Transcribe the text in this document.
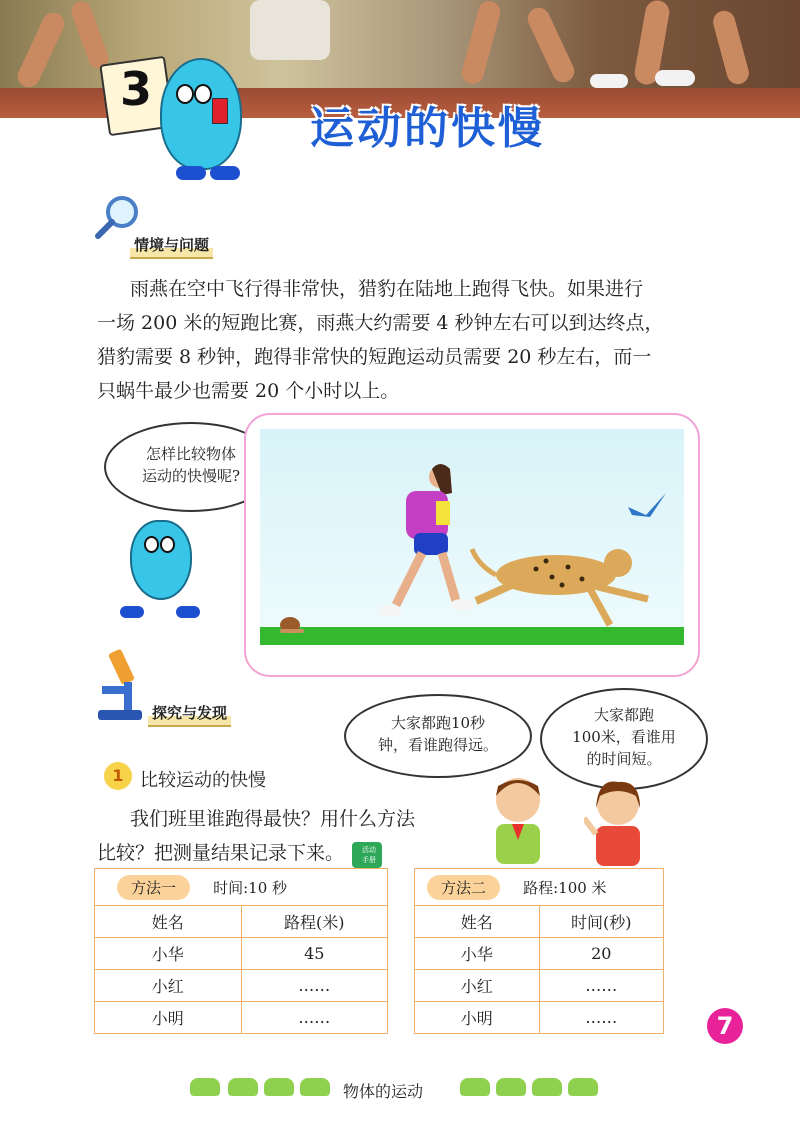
3
运动的快慢
情境与问题
雨燕在空中飞行得非常快，猎豹在陆地上跑得飞快。如果进行
一场 200 米的短跑比赛，雨燕大约需要 4 秒钟左右可以到达终点，
猎豹需要 8 秒钟，跑得非常快的短跑运动员需要 20 秒左右，而一
只蜗牛最少也需要 20 个小时以上。
怎样比较物体
运动的快慢呢?
探究与发现
大家都跑10秒
钟，看谁跑得远。
大家都跑
100米，看谁用
的时间短。
1 比较运动的快慢
我们班里谁跑得最快？用什么方法
比较？把测量结果记录下来。	活动
手册
方法一 时间:10 秒	
姓名	路程(米)
小华	45
小红	……
小明	……
方法二 路程:100 米	
姓名	时间(秒)
小华	20
小红	……
小明	……	7
物体的运动
